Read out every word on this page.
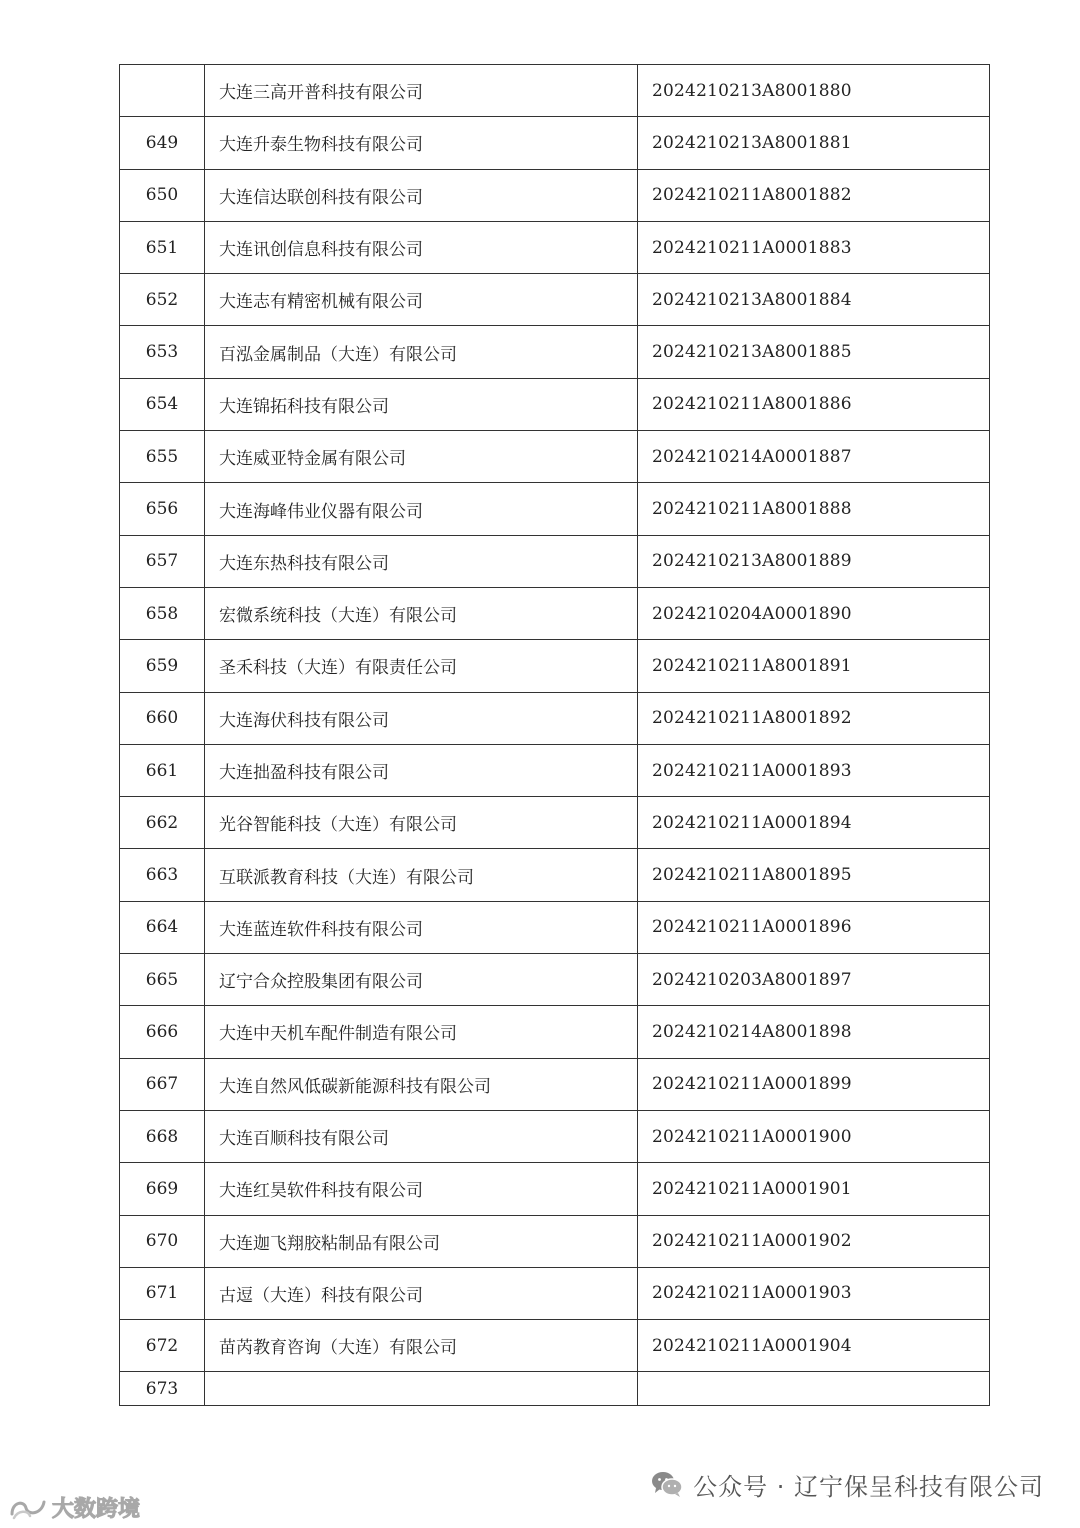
	大连三高开普科技有限公司	2024210213A8001880
649	大连升泰生物科技有限公司	2024210213A8001881
650	大连信达联创科技有限公司	2024210211A8001882
651	大连讯创信息科技有限公司	2024210211A0001883
652	大连志有精密机械有限公司	2024210213A8001884
653	百泓金属制品（大连）有限公司	2024210213A8001885
654	大连锦拓科技有限公司	2024210211A8001886
655	大连威亚特金属有限公司	2024210214A0001887
656	大连海峰伟业仪器有限公司	2024210211A8001888
657	大连东热科技有限公司	2024210213A8001889
658	宏微系统科技（大连）有限公司	2024210204A0001890
659	圣禾科技（大连）有限责任公司	2024210211A8001891
660	大连海伏科技有限公司	2024210211A8001892
661	大连拙盈科技有限公司	2024210211A0001893
662	光谷智能科技（大连）有限公司	2024210211A0001894
663	互联派教育科技（大连）有限公司	2024210211A8001895
664	大连蓝连软件科技有限公司	2024210211A0001896
665	辽宁合众控股集团有限公司	2024210203A8001897
666	大连中天机车配件制造有限公司	2024210214A8001898
667	大连自然风低碳新能源科技有限公司	2024210211A0001899
668	大连百顺科技有限公司	2024210211A0001900
669	大连红昊软件科技有限公司	2024210211A0001901
670	大连迦飞翔胶粘制品有限公司	2024210211A0001902
671	古逗（大连）科技有限公司	2024210211A0001903
672	苗芮教育咨询（大连）有限公司	2024210211A0001904
673		
公众号 · 辽宁保呈科技有限公司
大数跨境
